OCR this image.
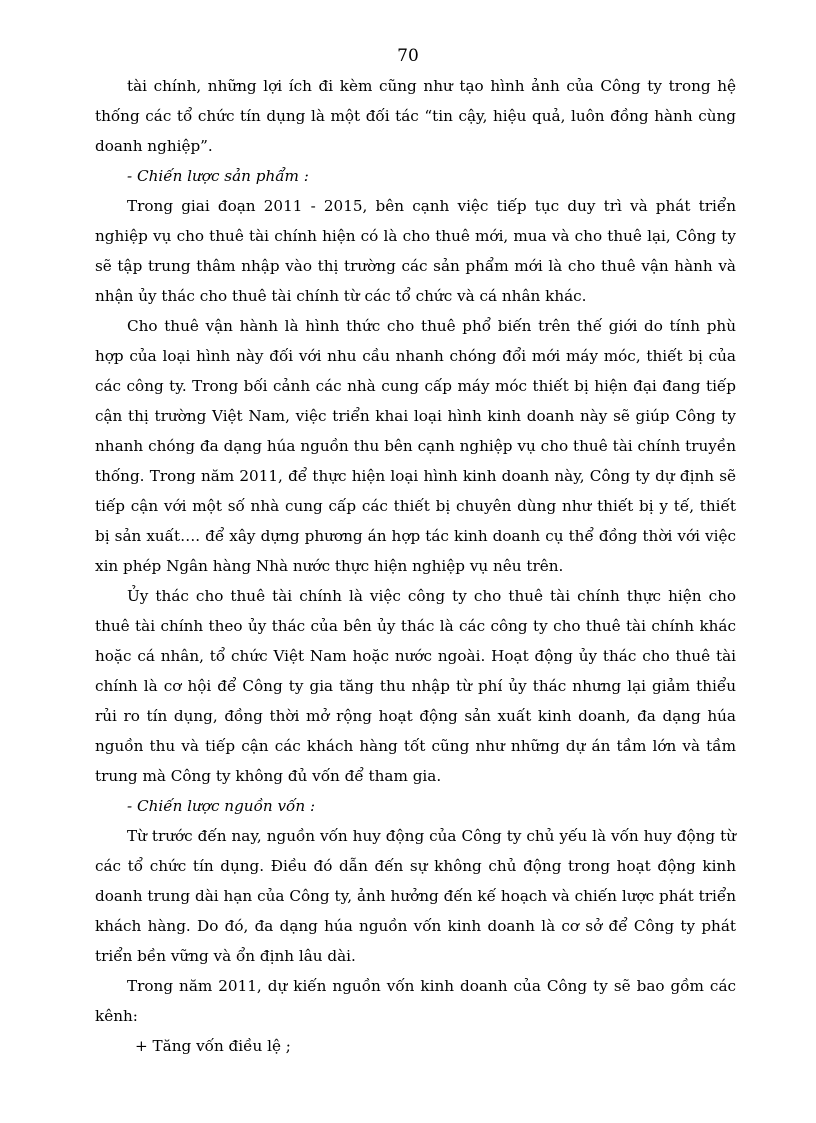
70

tài chính, những lợi ích đi kèm cũng như tạo hình ảnh của Công ty trong hệ thống các tổ chức tín dụng là một đối tác “tin cậy, hiệu quả, luôn đồng hành cùng doanh nghiệp”.

- Chiến lược sản phẩm :

Trong giai đoạn 2011 - 2015, bên cạnh việc tiếp tục duy trì và phát triển nghiệp vụ cho thuê tài chính hiện có là cho thuê mới, mua và cho thuê lại, Công ty sẽ tập trung thâm nhập vào thị trường các sản phẩm mới là cho thuê vận hành và nhận ủy thác cho thuê tài chính từ các tổ chức và cá nhân khác.

Cho thuê vận hành là hình thức cho thuê phổ biến trên thế giới do tính phù hợp của loại hình này đối với nhu cầu nhanh chóng đổi mới máy móc, thiết bị của các công ty. Trong bối cảnh các nhà cung cấp máy móc thiết bị hiện đại đang tiếp cận thị trường Việt Nam, việc triển khai loại hình kinh doanh này sẽ giúp Công ty nhanh chóng đa dạng húa nguồn thu bên cạnh nghiệp vụ cho thuê tài chính truyền thống. Trong năm 2011, để thực hiện loại hình kinh doanh này, Công ty dự định sẽ tiếp cận với một số nhà cung cấp các thiết bị chuyên dùng như thiết bị y tế, thiết bị sản xuất…. để xây dựng phương án hợp tác kinh doanh cụ thể đồng thời với việc xin phép Ngân hàng Nhà nước thực hiện nghiệp vụ nêu trên.

Ủy thác cho thuê tài chính là việc công ty cho thuê tài chính thực hiện cho thuê tài chính theo ủy thác của bên ủy thác là các công ty cho thuê tài chính khác hoặc cá nhân, tổ chức Việt Nam hoặc nước ngoài. Hoạt động ủy thác cho thuê tài chính là cơ hội để Công ty gia tăng thu nhập từ phí ủy thác nhưng lại giảm thiểu rủi ro tín dụng, đồng thời mở rộng hoạt động sản xuất kinh doanh, đa dạng húa nguồn thu và tiếp cận các khách hàng tốt cũng như những dự án tầm lớn và tầm trung mà Công ty không đủ vốn để tham gia.

- Chiến lược nguồn vốn :

Từ trước đến nay, nguồn vốn huy động của Công ty chủ yếu là vốn huy động từ các tổ chức tín dụng. Điều đó dẫn đến sự không chủ động trong hoạt động kinh doanh trung dài hạn của Công ty, ảnh hưởng đến kế hoạch và chiến lược phát triển khách hàng. Do đó, đa dạng húa nguồn vốn kinh doanh là cơ sở để Công ty phát triển bền vững và ổn định lâu dài.

Trong năm 2011, dự kiến nguồn vốn kinh doanh của Công ty sẽ bao gồm các kênh:

+ Tăng vốn điều lệ ;
